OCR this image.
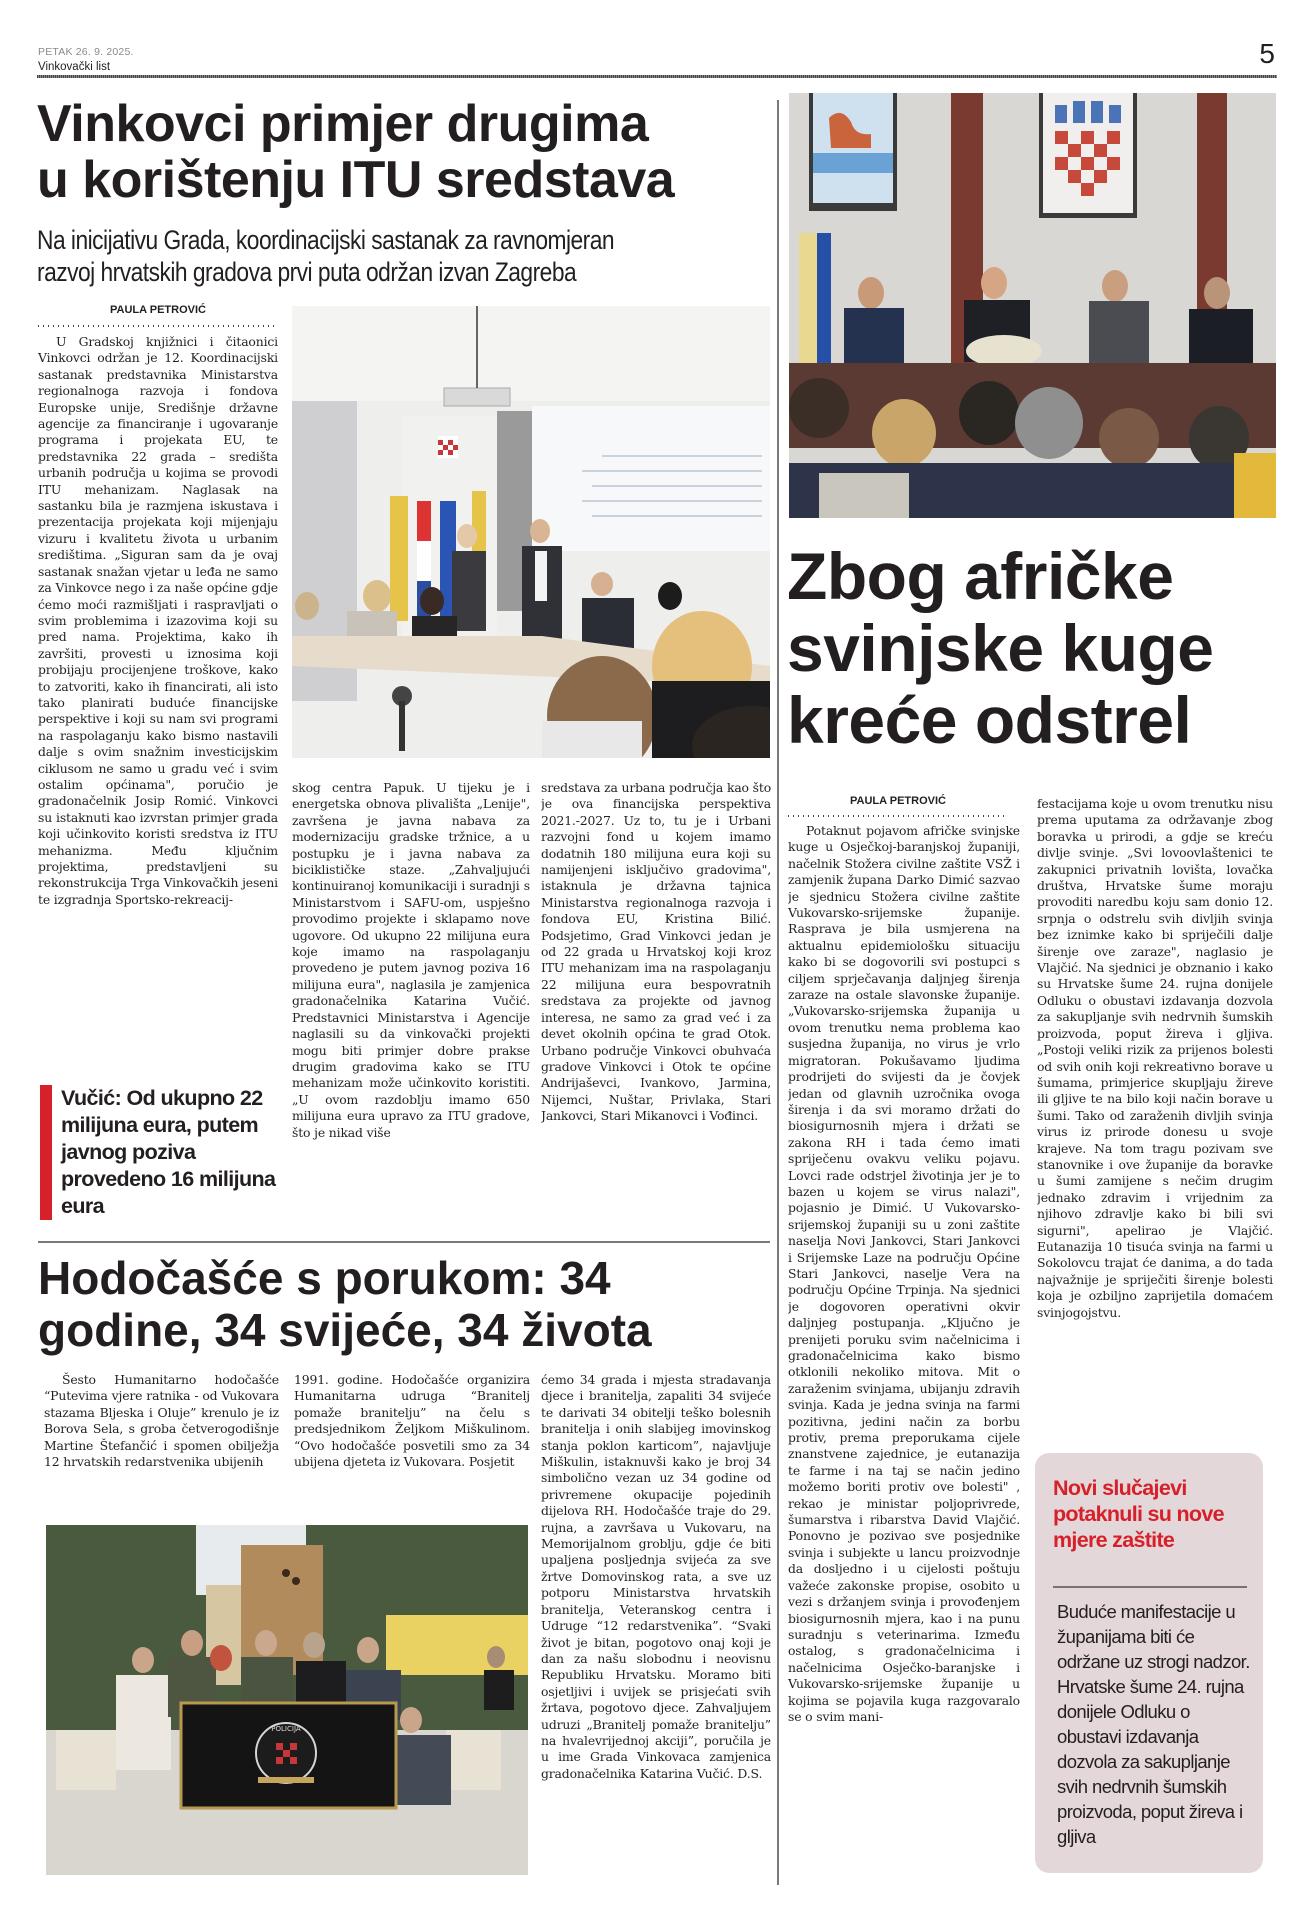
PETAK 26. 9. 2025.
Vinkovački list	5
Vinkovci primjer drugima
u korištenju ITU sredstava
Na inicijativu Grada, koordinacijski sastanak za ravnomjeran
razvoj hrvatskih gradova prvi puta održan izvan Zagreba
PAULA PETROVIĆ

U Gradskoj knjižnici i čitaonici Vinkovci održan je 12. Koordinacijski sastanak predstavnika Ministarstva regionalnoga razvoja i fondova Europske unije, Središnje državne agencije za financiranje i ugovaranje programa i projekata EU, te predstavnika 22 grada – središta urbanih područja u kojima se provodi ITU mehanizam. Naglasak na sastanku bila je razmjena iskustava i prezentacija projekata koji mijenjaju vizuru i kvalitetu života u urbanim središtima. „Siguran sam da je ovaj sastanak snažan vjetar u leđa ne samo za Vinkovce nego i za naše općine gdje ćemo moći razmišljati i raspravljati o svim problemima i izazovima koji su pred nama. Projektima, kako ih završiti, provesti u iznosima koji probijaju procijenjene troškove, kako to zatvoriti, kako ih financirati, ali isto tako planirati buduće financijske perspektive i koji su nam svi programi na raspolaganju kako bismo nastavili dalje s ovim snažnim investicijskim ciklusom ne samo u gradu već i svim ostalim općinama", poručio je gradonačelnik Josip Romić. Vinkovci su istaknuti kao izvrstan primjer grada koji učinkovito koristi sredstva iz ITU mehanizma. Među ključnim projektima, predstavljeni su rekonstrukcija Trga Vinkovačkih jeseni te izgradnja Sportsko-rekreacij-

Vučić: Od ukupno 22 milijuna eura, putem javnog poziva provedeno 16 milijuna eura

skog centra Papuk. U tijeku je i energetska obnova plivališta „Lenije", završena je javna nabava za modernizaciju gradske tržnice, a u postupku je i javna nabava za biciklističke staze. „Zahvaljujući kontinuiranoj komunikaciji i suradnji s Ministarstvom i SAFU-om, uspješno provodimo projekte i sklapamo nove ugovore. Od ukupno 22 milijuna eura koje imamo na raspolaganju provedeno je putem javnog poziva 16 milijuna eura", naglasila je zamjenica gradonačelnika Katarina Vučić. Predstavnici Ministarstva i Agencije naglasili su da vinkovački projekti mogu biti primjer dobre prakse drugim gradovima kako se ITU mehanizam može učinkovito koristiti. „U ovom razdoblju imamo 650 milijuna eura upravo za ITU gradove, što je nikad više

sredstava za urbana područja kao što je ova financijska perspektiva 2021.-2027. Uz to, tu je i Urbani razvojni fond u kojem imamo dodatnih 180 milijuna eura koji su namijenjeni isključivo gradovima", istaknula je državna tajnica Ministarstva regionalnoga razvoja i fondova EU, Kristina Bilić. Podsjetimo, Grad Vinkovci jedan je od 22 grada u Hrvatskoj koji kroz ITU mehanizam ima na raspolaganju 22 milijuna eura bespovratnih sredstava za projekte od javnog interesa, ne samo za grad već i za devet okolnih općina te grad Otok. Urbano područje Vinkovci obuhvaća gradove Vinkovci i Otok te općine Andrijaševci, Ivankovo, Jarmina, Nijemci, Nuštar, Privlaka, Stari Jankovci, Stari Mikanovci i Vođinci.

Zbog afričke
svinjske kuge
kreće odstrel
PAULA PETROVIĆ

Potaknut pojavom afričke svinjske kuge u Osječkoj-baranjskoj županiji, načelnik Stožera civilne zaštite VSŽ i zamjenik župana Darko Dimić sazvao je sjednicu Stožera civilne zaštite Vukovarsko-srijemske županije. Rasprava je bila usmjerena na aktualnu epidemiološku situaciju kako bi se dogovorili svi postupci s ciljem sprječavanja daljnjeg širenja zaraze na ostale slavonske županije. „Vukovarsko-srijemska županija u ovom trenutku nema problema kao susjedna županija, no virus je vrlo migratoran. Pokušavamo ljudima prodrijeti do svijesti da je čovjek jedan od glavnih uzročnika ovoga širenja i da svi moramo držati do biosigurnosnih mjera i držati se zakona RH i tada ćemo imati spriječenu ovakvu veliku pojavu. Lovci rade odstrjel životinja jer je to bazen u kojem se virus nalazi", pojasnio je Dimić. U Vukovarsko-srijemskoj županiji su u zoni zaštite naselja Novi Jankovci, Stari Jankovci i Srijemske Laze na području Općine Stari Jankovci, naselje Vera na području Općine Trpinja. Na sjednici je dogovoren operativni okvir daljnjeg postupanja. „Ključno je prenijeti poruku svim načelnicima i gradonačelnicima kako bismo otklonili nekoliko mitova. Mit o zaraženim svinjama, ubijanju zdravih svinja. Kada je jedna svinja na farmi pozitivna, jedini način za borbu protiv, prema preporukama cijele znanstvene zajednice, je eutanazija te farme i na taj se način jedino možemo boriti protiv ove bolesti" , rekao je ministar poljoprivrede, šumarstva i ribarstva David Vlajčić. Ponovno je pozivao sve posjednike svinja i subjekte u lancu proizvodnje da dosljedno i u cijelosti poštuju važeće zakonske propise, osobito u vezi s držanjem svinja i provođenjem biosigurnosnih mjera, kao i na punu suradnju s veterinarima. Između ostalog, s gradonačelnicima i načelnicima Osječko-baranjske i Vukovarsko-srijemske županije u kojima se pojavila kuga razgovaralo se o svim mani-

festacijama koje u ovom trenutku nisu prema uputama za održavanje zbog boravka u prirodi, a gdje se kreću divlje svinje. „Svi lovoovlaštenici te zakupnici privatnih lovišta, lovačka društva, Hrvatske šume moraju provoditi naredbu koju sam donio 12. srpnja o odstrelu svih divljih svinja bez iznimke kako bi spriječili dalje širenje ove zaraze", naglasio je Vlajčić. Na sjednici je obznanio i kako su Hrvatske šume 24. rujna donijele Odluku o obustavi izdavanja dozvola za sakupljanje svih nedrvnih šumskih proizvoda, poput žireva i gljiva. „Postoji veliki rizik za prijenos bolesti od svih onih koji rekreativno borave u šumama, primjerice skupljaju žireve ili gljive te na bilo koji način borave u šumi. Tako od zaraženih divljih svinja virus iz prirode donesu u svoje krajeve. Na tom tragu pozivam sve stanovnike i ove županije da boravke u šumi zamijene s nečim drugim jednako zdravim i vrijednim za njihovo zdravlje kako bi bili svi sigurni", apelirao je Vlajčić. Eutanazija 10 tisuća svinja na farmi u Sokolovcu trajat će danima, a do tada najvažnije je spriječiti širenje bolesti koja je ozbiljno zaprijetila domaćem svinjogojstvu.

Novi slučajevi potaknuli su nove mjere zaštite
Buduće manifestacije u županijama biti će održane uz strogi nadzor. Hrvatske šume 24. rujna donijele Odluku o obustavi izdavanja dozvola za sakupljanje svih nedrvnih šumskih proizvoda, poput žireva i gljiva
Hodočašće s porukom: 34
godine, 34 svijeće, 34 života

Šesto Humanitarno hodočašće “Putevima vjere ratnika - od Vukovara stazama Bljeska i Oluje” krenulo je iz Borova Sela, s groba četverogodišnje Martine Štefančić i spomen obilježja 12 hrvatskih redarstvenika ubijenih

1991. godine. Hodočašće organizira Humanitarna udruga “Branitelj pomaže branitelju” na čelu s predsjednikom Željkom Miškulinom. “Ovo hodočašće posvetili smo za 34 ubijena djeteta iz Vukovara. Posjetit

ćemo 34 grada i mjesta stradavanja djece i branitelja, zapaliti 34 svijeće te darivati 34 obitelji teško bolesnih branitelja i onih slabijeg imovinskog stanja poklon karticom”, najavljuje Miškulin, istaknuvši kako je broj 34 simbolično vezan uz 34 godine od privremene okupacije pojedinih dijelova RH. Hodočašće traje do 29. rujna, a završava u Vukovaru, na Memorijalnom groblju, gdje će biti upaljena posljednja svijeća za sve žrtve Domovinskog rata, a sve uz potporu Ministarstva hrvatskih branitelja, Veteranskog centra i Udruge “12 redarstvenika”. “Svaki život je bitan, pogotovo onaj koji je dan za našu slobodnu i neovisnu Republiku Hrvatsku. Moramo biti osjetljivi i uvijek se prisjećati svih žrtava, pogotovo djece. Zahvaljujem udruzi „Branitelj pomaže branitelju” na hvalevrijednoj akciji”, poručila je u ime Grada Vinkovaca zamjenica gradonačelnika Katarina Vučić. D.S.

POLICIJA
